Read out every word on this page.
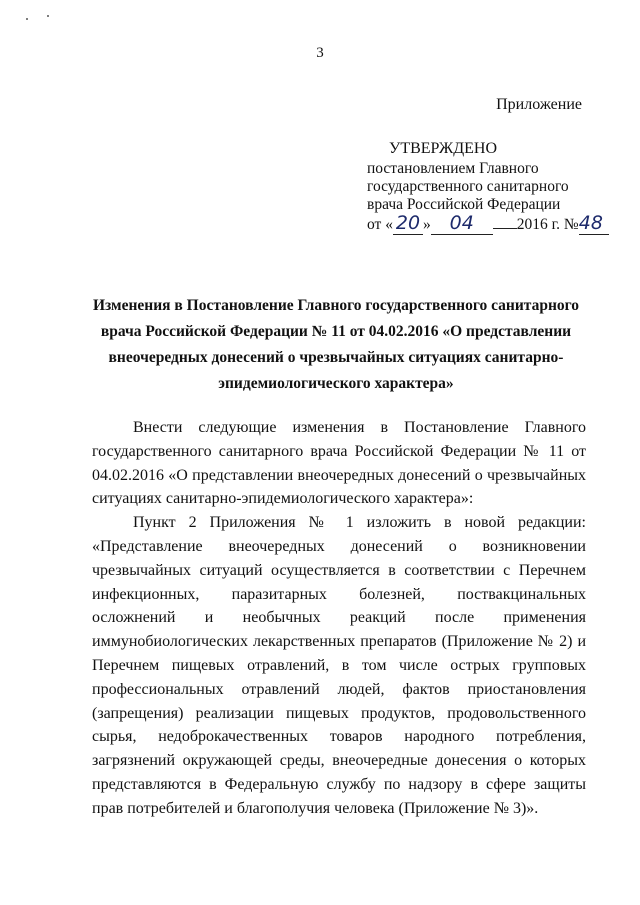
3
Приложение
УТВЕРЖДЕНО
постановлением Главного
государственного санитарного
врача Российской Федерации
от « 20 » 04	2016 г. №48
Изменения в Постановление Главного государственного санитарного врача Российской Федерации № 11 от 04.02.2016 «О представлении внеочередных донесений о чрезвычайных ситуациях санитарно-эпидемиологического характера»

Внести следующие изменения в Постановление Главного государственного санитарного врача Российской Федерации № 11 от 04.02.2016 «О представлении внеочередных донесений о чрезвычайных ситуациях санитарно-эпидемиологического характера»:

Пункт 2 Приложения № 1 изложить в новой редакции: «Представление внеочередных донесений о возникновении чрезвычайных ситуаций осуществляется в соответствии с Перечнем инфекционных, паразитарных болезней, поствакцинальных осложнений и необычных реакций после применения иммунобиологических лекарственных препаратов (Приложение № 2) и Перечнем пищевых отравлений, в том числе острых групповых профессиональных отравлений людей, фактов приостановления (запрещения) реализации пищевых продуктов, продовольственного сырья, недоброкачественных товаров народного потребления, загрязнений окружающей среды, внеочередные донесения о которых представляются в Федеральную службу по надзору в сфере защиты прав потребителей и благополучия человека (Приложение № 3)».
